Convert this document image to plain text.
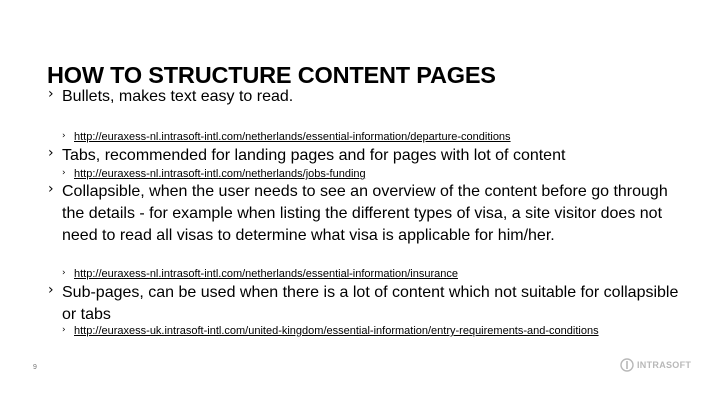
HOW TO STRUCTURE CONTENT PAGES
› Bullets, makes text easy to read.
› http://euraxess-nl.intrasoft-intl.com/netherlands/essential-information/departure-conditions
› Tabs, recommended for landing pages and for pages with lot of content
› http://euraxess-nl.intrasoft-intl.com/netherlands/jobs-funding
› Collapsible, when the user needs to see an overview of the content before go through the details - for example when listing the different types of visa, a site visitor does not need to read all visas to determine what visa is applicable for him/her.
› http://euraxess-nl.intrasoft-intl.com/netherlands/essential-information/insurance
› Sub-pages, can be used when there is a lot of content which not suitable for collapsible or tabs
› http://euraxess-uk.intrasoft-intl.com/united-kingdom/essential-information/entry-requirements-and-conditions
9	INTRASOFT
